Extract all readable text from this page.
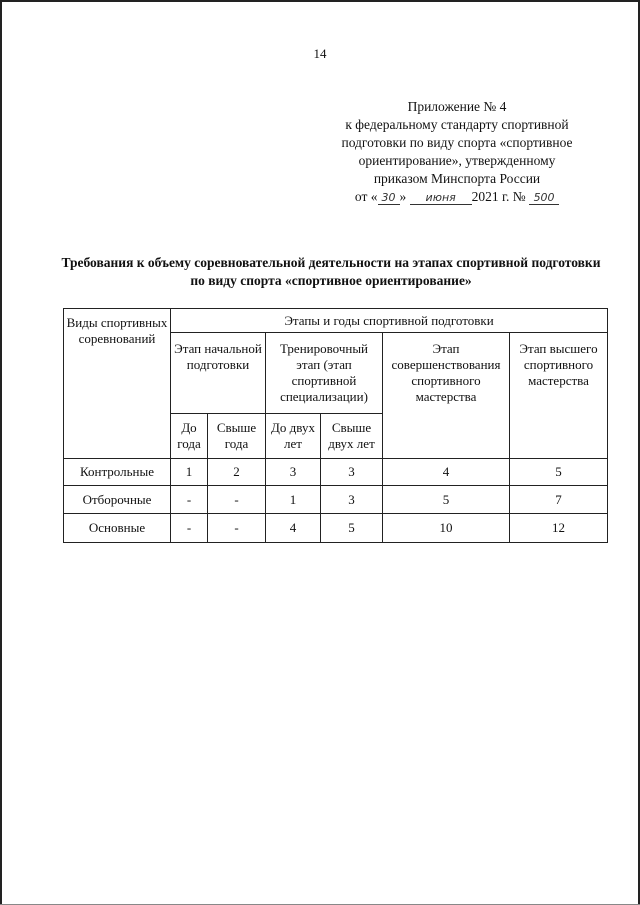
14
Приложение № 4
к федеральному стандарту спортивной
подготовки по виду спорта «спортивное
ориентирование», утвержденному
приказом Минспорта России
от « 30 » июня 2021 г. № 500
Требования к объему соревновательной деятельности на этапах спортивной подготовки по виду спорта «спортивное ориентирование»
Виды спортивных соревнований	Этапы и годы спортивной подготовки					
	Этап начальной подготовки		Тренировочный этап (этап спортивной специализации)		Этап совершенствования спортивного мастерства	Этап высшего спортивного мастерства
	До года	Свыше года	До двух лет	Свыше двух лет		
Контрольные	1	2	3	3	4	5
Отборочные	-	-	1	3	5	7
Основные	-	-	4	5	10	12
